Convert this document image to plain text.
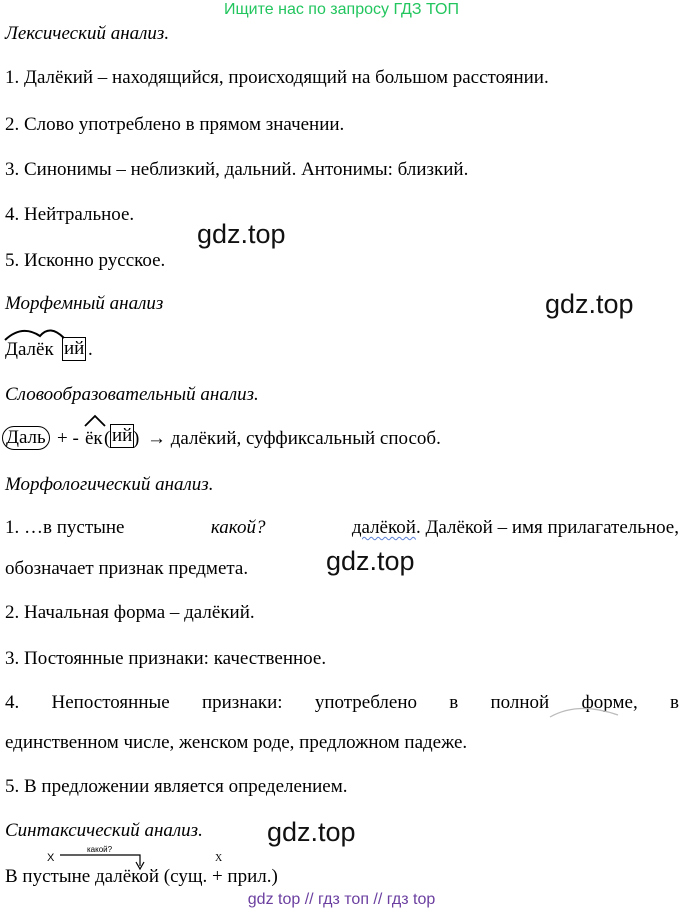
Ищите нас по запросу ГДЗ ТОП
Лексический анализ.
1. Далёкий – находящийся, происходящий на большом расстоянии.
2. Слово употреблено в прямом значении.
3. Синонимы – неблизкий, дальний. Антонимы: близкий.
4. Нейтральное.
5. Исконно русское.
gdz.top
Морфемный анализ	gdz.top
Далёк ий .
Словообразовательный анализ.
Даль + - ёк ( ий ) → далёкий, суффиксальный способ.
Морфологический анализ.
1. …в пустыне	какой?	далёкой. Далёкой – имя прилагательное,
обозначает признак предмета.	gdz.top
2. Начальная форма – далёкий.
3. Постоянные признаки: качественное.
4. Непостоянные признаки: употреблено в полной форме, в
единственном числе, женском роде, предложном падеже.
5. В предложении является определением.
Синтаксический анализ. gdz.top
какой?
X	X
В пустыне далёкой (сущ. + прил.)
gdz top // гдз топ // гдз top
